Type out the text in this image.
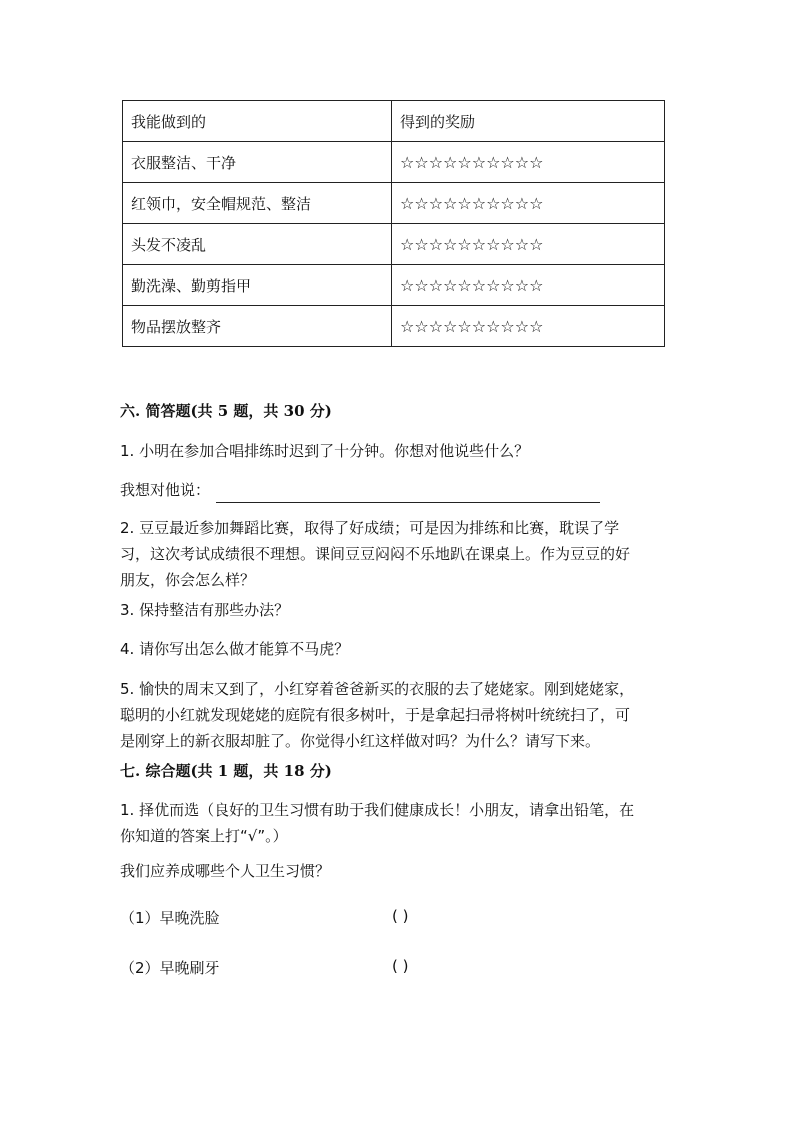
我能做到的	得到的奖励
衣服整洁、干净	☆☆☆☆☆☆☆☆☆☆
红领巾，安全帽规范、整洁	☆☆☆☆☆☆☆☆☆☆
头发不凌乱	☆☆☆☆☆☆☆☆☆☆
勤洗澡、勤剪指甲	☆☆☆☆☆☆☆☆☆☆
物品摆放整齐	☆☆☆☆☆☆☆☆☆☆
六. 简答题(共 5 题，共 30 分)
1. 小明在参加合唱排练时迟到了十分钟。你想对他说些什么？
我想对他说：
2. 豆豆最近参加舞蹈比赛，取得了好成绩；可是因为排练和比赛，耽误了学
习，这次考试成绩很不理想。课间豆豆闷闷不乐地趴在课桌上。作为豆豆的好
朋友，你会怎么样？
3. 保持整洁有那些办法？
4. 请你写出怎么做才能算不马虎？
5. 愉快的周末又到了，小红穿着爸爸新买的衣服的去了姥姥家。刚到姥姥家，
聪明的小红就发现姥姥的庭院有很多树叶，于是拿起扫帚将树叶统统扫了，可
是刚穿上的新衣服却脏了。你觉得小红这样做对吗？为什么？请写下来。
七. 综合题(共 1 题，共 18 分)
1. 择优而选（良好的卫生习惯有助于我们健康成长！小朋友，请拿出铅笔，在
你知道的答案上打“√”。）
我们应养成哪些个人卫生习惯？
（1）早晚洗脸	( )
（2）早晚刷牙	( )
